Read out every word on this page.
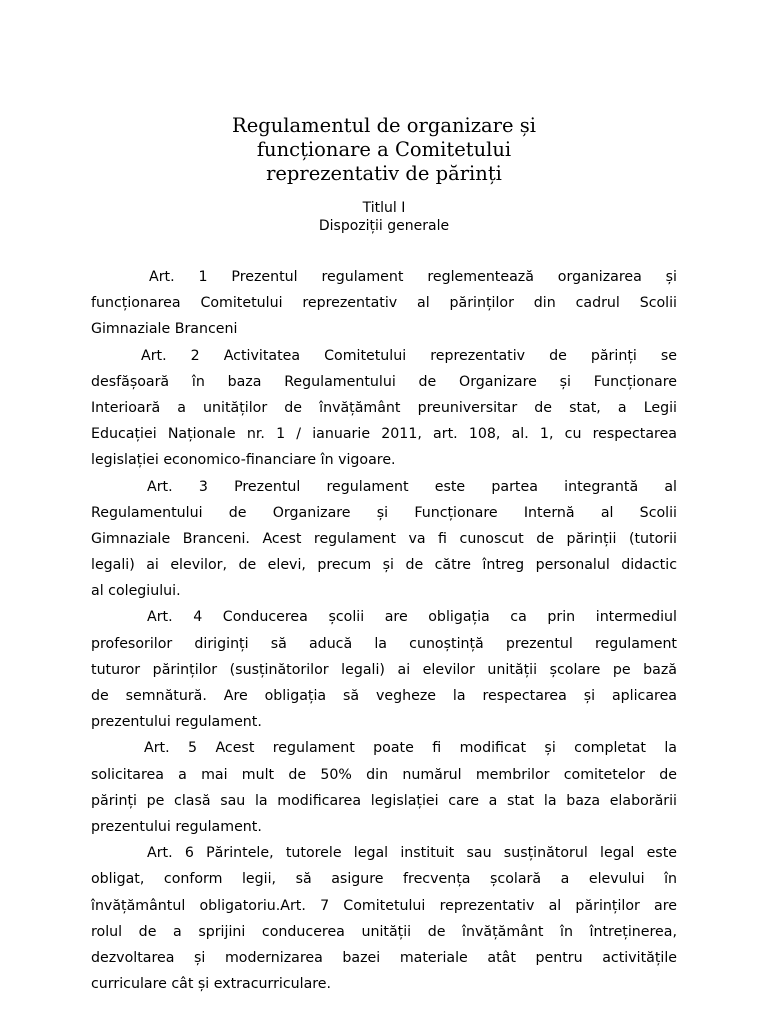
Regulamentul de organizare și
funcționare a Comitetului
reprezentativ de părinți
Titlul I
Dispoziții generale
Art. 1 Prezentul regulament reglementează organizarea și
funcționarea Comitetului reprezentativ al părinților din cadrul Scolii
Gimnaziale Branceni
Art. 2 Activitatea Comitetului reprezentativ de părinți se
desfășoară în baza Regulamentului de Organizare și Funcționare
Interioară a unităților de învățământ preuniversitar de stat, a Legii
Educației Naționale nr. 1 / ianuarie 2011, art. 108, al. 1, cu respectarea
legislației economico-financiare în vigoare.
Art. 3 Prezentul regulament este partea integrantă al
Regulamentului de Organizare și Funcționare Internă al Scolii
Gimnaziale Branceni. Acest regulament va fi cunoscut de părinții (tutorii
legali) ai elevilor, de elevi, precum și de către întreg personalul didactic
al colegiului.
Art. 4 Conducerea școlii are obligația ca prin intermediul
profesorilor diriginți să aducă la cunoștință prezentul regulament
tuturor părinților (susținătorilor legali) ai elevilor unității școlare pe bază
de semnătură. Are obligația să vegheze la respectarea și aplicarea
prezentului regulament.
Art. 5 Acest regulament poate fi modificat și completat la
solicitarea a mai mult de 50% din numărul membrilor comitetelor de
părinți pe clasă sau la modificarea legislației care a stat la baza elaborării
prezentului regulament.
Art. 6 Părintele, tutorele legal instituit sau susținătorul legal este
obligat, conform legii, să asigure frecvența școlară a elevului în
învățământul obligatoriu.Art. 7 Comitetului reprezentativ al părinților are
rolul de a sprijini conducerea unității de învățământ în întreținerea,
dezvoltarea și modernizarea bazei materiale atât pentru activitățile
curriculare cât și extracurriculare.
